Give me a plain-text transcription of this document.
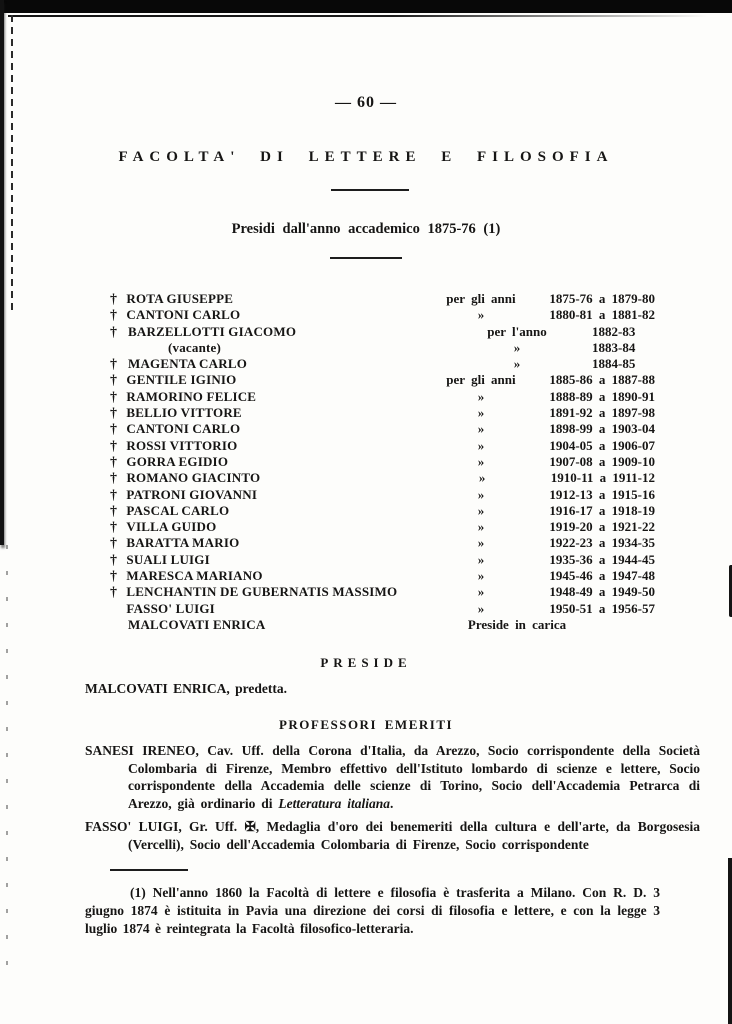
— 60 —
FACOLTA' DI LETTERE E FILOSOFIA
Presidi dall'anno accademico 1875-76 (1)
† ROTA GIUSEPPE	per gli anni	1875-76 a 1879-80
† CANTONI CARLO	»	1880-81 a 1881-82
† BARZELLOTTI GIACOMO	per l'anno	1882-83
(vacante)	»	1883-84
† MAGENTA CARLO	»	1884-85
† GENTILE IGINIO	per gli anni	1885-86 a 1887-88
† RAMORINO FELICE	»	1888-89 a 1890-91
† BELLIO VITTORE	»	1891-92 a 1897-98
† CANTONI CARLO	»	1898-99 a 1903-04
† ROSSI VITTORIO	»	1904-05 a 1906-07
† GORRA EGIDIO	»	1907-08 a 1909-10
† ROMANO GIACINTO	»	1910-11 a 1911-12
† PATRONI GIOVANNI	»	1912-13 a 1915-16
† PASCAL CARLO	»	1916-17 a 1918-19
† VILLA GUIDO	»	1919-20 a 1921-22
† BARATTA MARIO	»	1922-23 a 1934-35
† SUALI LUIGI	»	1935-36 a 1944-45
† MARESCA MARIANO	»	1945-46 a 1947-48
† LENCHANTIN DE GUBERNATIS MASSIMO	»	1948-49 a 1949-50
FASSO' LUIGI	»	1950-51 a 1956-57
MALCOVATI ENRICA	Preside in carica
PRESIDE
MALCOVATI ENRICA, predetta.
PROFESSORI EMERITI
SANESI IRENEO, Cav. Uff. della Corona d'Italia, da Arezzo, Socio corrispondente della Società Colombaria di Firenze, Membro effettivo dell'Istituto lombardo di scienze e lettere, Socio corrispondente della Accademia delle scienze di Torino, Socio dell'Accademia Petrarca di Arezzo, già ordinario di Letteratura italiana.
FASSO' LUIGI, Gr. Uff. ✠, Medaglia d'oro dei benemeriti della cultura e dell'arte, da Borgosesia (Vercelli), Socio dell'Accademia Colombaria di Firenze, Socio corrispondente
(1) Nell'anno 1860 la Facoltà di lettere e filosofia è trasferita a Milano. Con R. D. 3 giugno 1874 è istituita in Pavia una direzione dei corsi di filosofia e lettere, e con la legge 3 luglio 1874 è reintegrata la Facoltà filosofico-letteraria.
